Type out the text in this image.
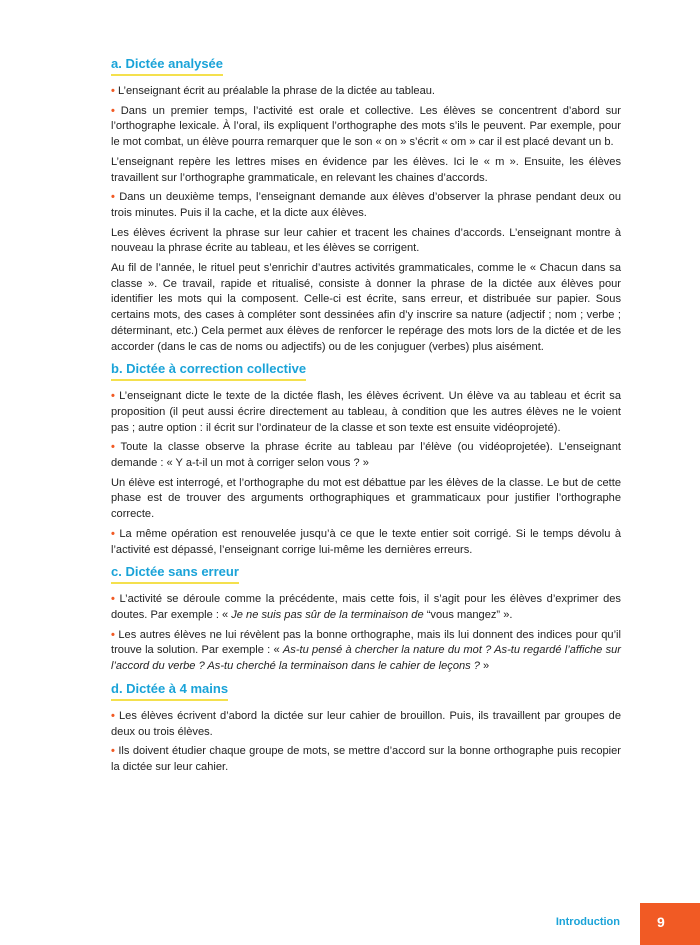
a. Dictée analysée

• L’enseignant écrit au préalable la phrase de la dictée au tableau.

• Dans un premier temps, l’activité est orale et collective. Les élèves se concentrent d’abord sur l’orthographe lexicale. À l’oral, ils expliquent l’orthographe des mots s’ils le peuvent. Par exemple, pour le mot combat, un élève pourra remarquer que le son « on » s’écrit « om » car il est placé devant un b.

L’enseignant repère les lettres mises en évidence par les élèves. Ici le « m ». Ensuite, les élèves travaillent sur l’orthographe grammaticale, en relevant les chaines d’accords.

• Dans un deuxième temps, l’enseignant demande aux élèves d’observer la phrase pendant deux ou trois minutes. Puis il la cache, et la dicte aux élèves.

Les élèves écrivent la phrase sur leur cahier et tracent les chaines d’accords. L’enseignant montre à nouveau la phrase écrite au tableau, et les élèves se corrigent.

Au fil de l’année, le rituel peut s’enrichir d’autres activités grammaticales, comme le « Chacun dans sa classe ». Ce travail, rapide et ritualisé, consiste à donner la phrase de la dictée aux élèves pour identifier les mots qui la composent. Celle-ci est écrite, sans erreur, et distribuée sur papier. Sous certains mots, des cases à compléter sont dessinées afin d’y inscrire sa nature (adjectif ; nom ; verbe ; déterminant, etc.) Cela permet aux élèves de renforcer le repérage des mots lors de la dictée et de les accorder (dans le cas de noms ou adjectifs) ou de les conjuguer (verbes) plus aisément.

b. Dictée à correction collective

• L’enseignant dicte le texte de la dictée flash, les élèves écrivent. Un élève va au tableau et écrit sa proposition (il peut aussi écrire directement au tableau, à condition que les autres élèves ne le voient pas ; autre option : il écrit sur l’ordinateur de la classe et son texte est ensuite vidéoprojeté).

• Toute la classe observe la phrase écrite au tableau par l’élève (ou vidéoprojetée). L’enseignant demande : « Y a-t-il un mot à corriger selon vous ? »

Un élève est interrogé, et l’orthographe du mot est débattue par les élèves de la classe. Le but de cette phase est de trouver des arguments orthographiques et grammaticaux pour justifier l’orthographe correcte.

• La même opération est renouvelée jusqu’à ce que le texte entier soit corrigé. Si le temps dévolu à l’activité est dépassé, l’enseignant corrige lui-même les dernières erreurs.

c. Dictée sans erreur

• L’activité se déroule comme la précédente, mais cette fois, il s’agit pour les élèves d’exprimer des doutes. Par exemple : « Je ne suis pas sûr de la terminaison de “vous mangez” ».

• Les autres élèves ne lui révèlent pas la bonne orthographe, mais ils lui donnent des indices pour qu’il trouve la solution. Par exemple : « As-tu pensé à chercher la nature du mot ? As-tu regardé l’affiche sur l’accord du verbe ? As-tu cherché la terminaison dans le cahier de leçons ? »

d. Dictée à 4 mains

• Les élèves écrivent d’abord la dictée sur leur cahier de brouillon. Puis, ils travaillent par groupes de deux ou trois élèves.

• Ils doivent étudier chaque groupe de mots, se mettre d’accord sur la bonne orthographe puis recopier la dictée sur leur cahier.

Introduction	9
